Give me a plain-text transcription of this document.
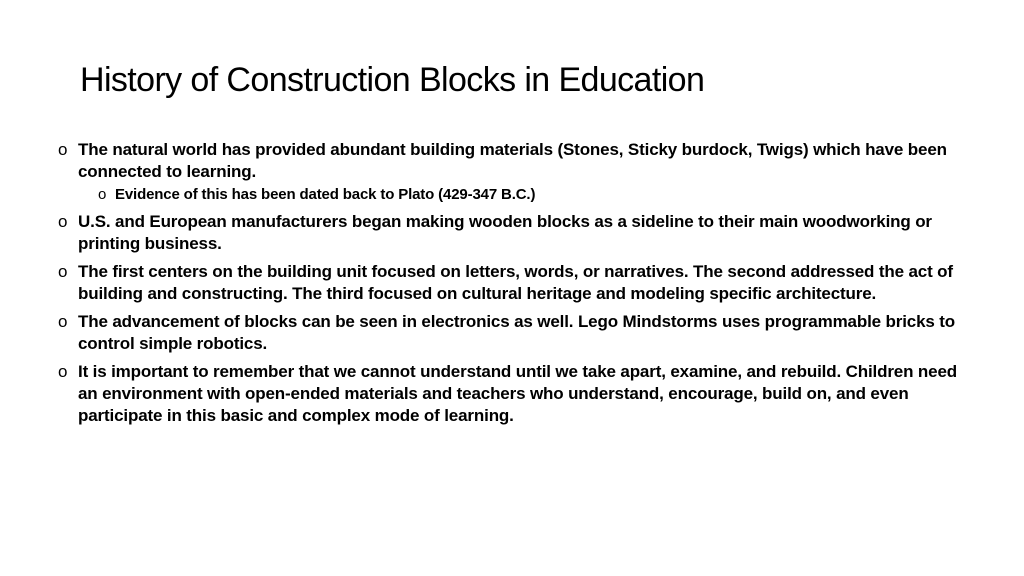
History of Construction Blocks in Education
o The natural world has provided abundant building materials (Stones, Sticky burdock, Twigs) which have been connected to learning.
o Evidence of this has been dated back to Plato (429-347 B.C.)
o U.S. and European manufacturers began making wooden blocks as a sideline to their main woodworking or printing business.
o The first centers on the building unit focused on letters, words, or narratives. The second addressed the act of building and constructing. The third focused on cultural heritage and modeling specific architecture.
o The advancement of blocks can be seen in electronics as well. Lego Mindstorms uses programmable bricks to control simple robotics.
o It is important to remember that we cannot understand until we take apart, examine, and rebuild. Children need an environment with open-ended materials and teachers who understand, encourage, build on, and even participate in this basic and complex mode of learning.
